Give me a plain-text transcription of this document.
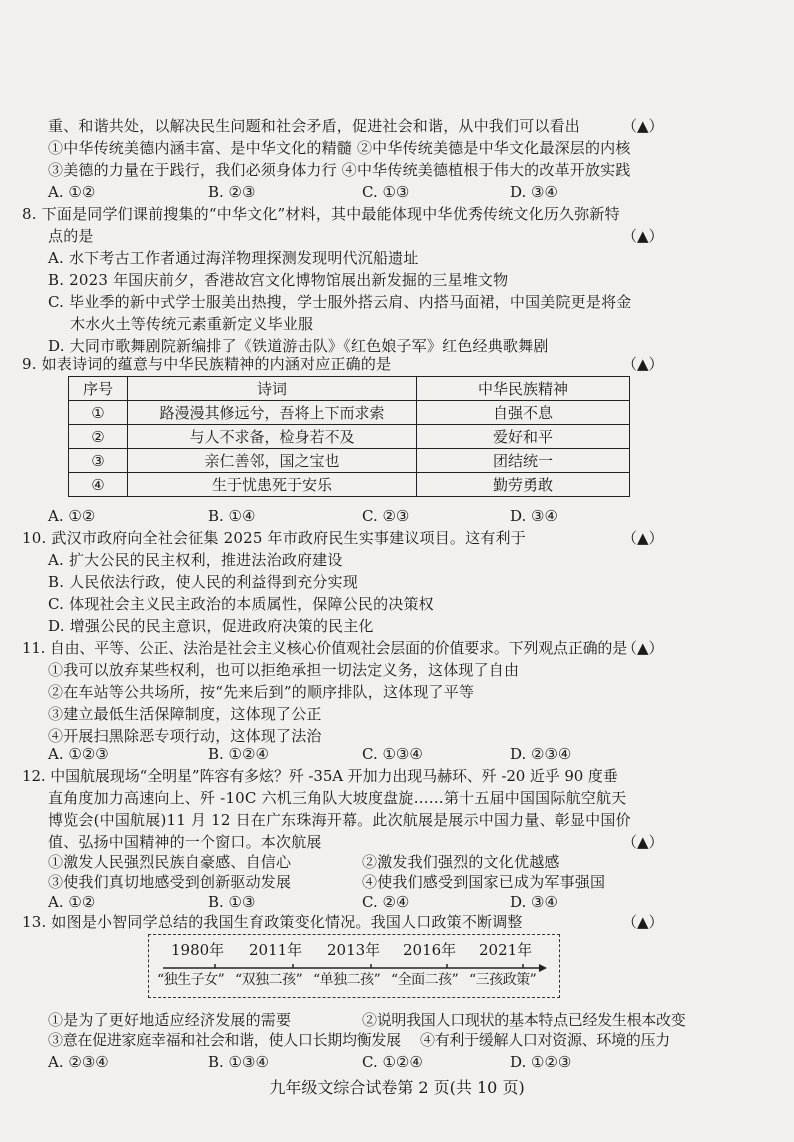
重、和谐共处，以解决民生问题和社会矛盾，促进社会和谐，从中我们可以看出	（▲）
①中华传统美德内涵丰富、是中华文化的精髓 ②中华传统美德是中华文化最深层的内核
③美德的力量在于践行，我们必须身体力行 ④中华传统美德植根于伟大的改革开放实践
A. ①②	B. ②③	C. ①③	D. ③④
8. 下面是同学们课前搜集的“中华文化”材料，其中最能体现中华优秀传统文化历久弥新特
点的是	（▲）
A. 水下考古工作者通过海洋物理探测发现明代沉船遗址
B. 2023 年国庆前夕，香港故宫文化博物馆展出新发掘的三星堆文物
C. 毕业季的新中式学士服美出热搜，学士服外搭云肩、内搭马面裙，中国美院更是将金
木水火土等传统元素重新定义毕业服
D. 大同市歌舞剧院新编排了《铁道游击队》《红色娘子军》红色经典歌舞剧
9. 如表诗词的蕴意与中华民族精神的内涵对应正确的是	（▲）
序号	诗词	中华民族精神
①	路漫漫其修远兮，吾将上下而求索	自强不息
②	与人不求备，检身若不及	爱好和平
③	亲仁善邻，国之宝也	团结统一
④	生于忧患死于安乐	勤劳勇敢
A. ①②	B. ①④	C. ②③	D. ③④
10. 武汉市政府向全社会征集 2025 年市政府民生实事建议项目。这有利于	（▲）
A. 扩大公民的民主权利，推进法治政府建设
B. 人民依法行政，使人民的利益得到充分实现
C. 体现社会主义民主政治的本质属性，保障公民的决策权
D. 增强公民的民主意识，促进政府决策的民主化
11. 自由、平等、公正、法治是社会主义核心价值观社会层面的价值要求。下列观点正确的是
（▲）
①我可以放弃某些权利，也可以拒绝承担一切法定义务，这体现了自由
②在车站等公共场所，按“先来后到”的顺序排队，这体现了平等
③建立最低生活保障制度，这体现了公正
④开展扫黑除恶专项行动，这体现了法治
A. ①②③	B. ①②④	C. ①③④	D. ②③④
12. 中国航展现场“全明星”阵容有多炫？歼 -35A 开加力出现马赫环、歼 -20 近乎 90 度垂
直角度加力高速向上、歼 -10C 六机三角队大坡度盘旋……第十五届中国国际航空航天
博览会(中国航展)11 月 12 日在广东珠海开幕。此次航展是展示中国力量、彰显中国价
值、弘扬中国精神的一个窗口。本次航展	（▲）
①激发人民强烈民族自豪感、自信心	②激发我们强烈的文化优越感
③使我们真切地感受到创新驱动发展	④使我们感受到国家已成为军事强国
A. ①②	B. ①③	C. ②④	D. ③④
13. 如图是小智同学总结的我国生育政策变化情况。我国人口政策不断调整	（▲）
1980年 2011年 2013年 2016年 2021年
“独生子女” “双独二孩” “单独二孩” “全面二孩” “三孩政策”
①是为了更好地适应经济发展的需要	②说明我国人口现状的基本特点已经发生根本改变
③意在促进家庭幸福和社会和谐，使人口长期均衡发展 ④有利于缓解人口对资源、环境的压力
A. ②③④	B. ①③④	C. ①②④	D. ①②③
九年级文综合试卷第 2 页(共 10 页)
